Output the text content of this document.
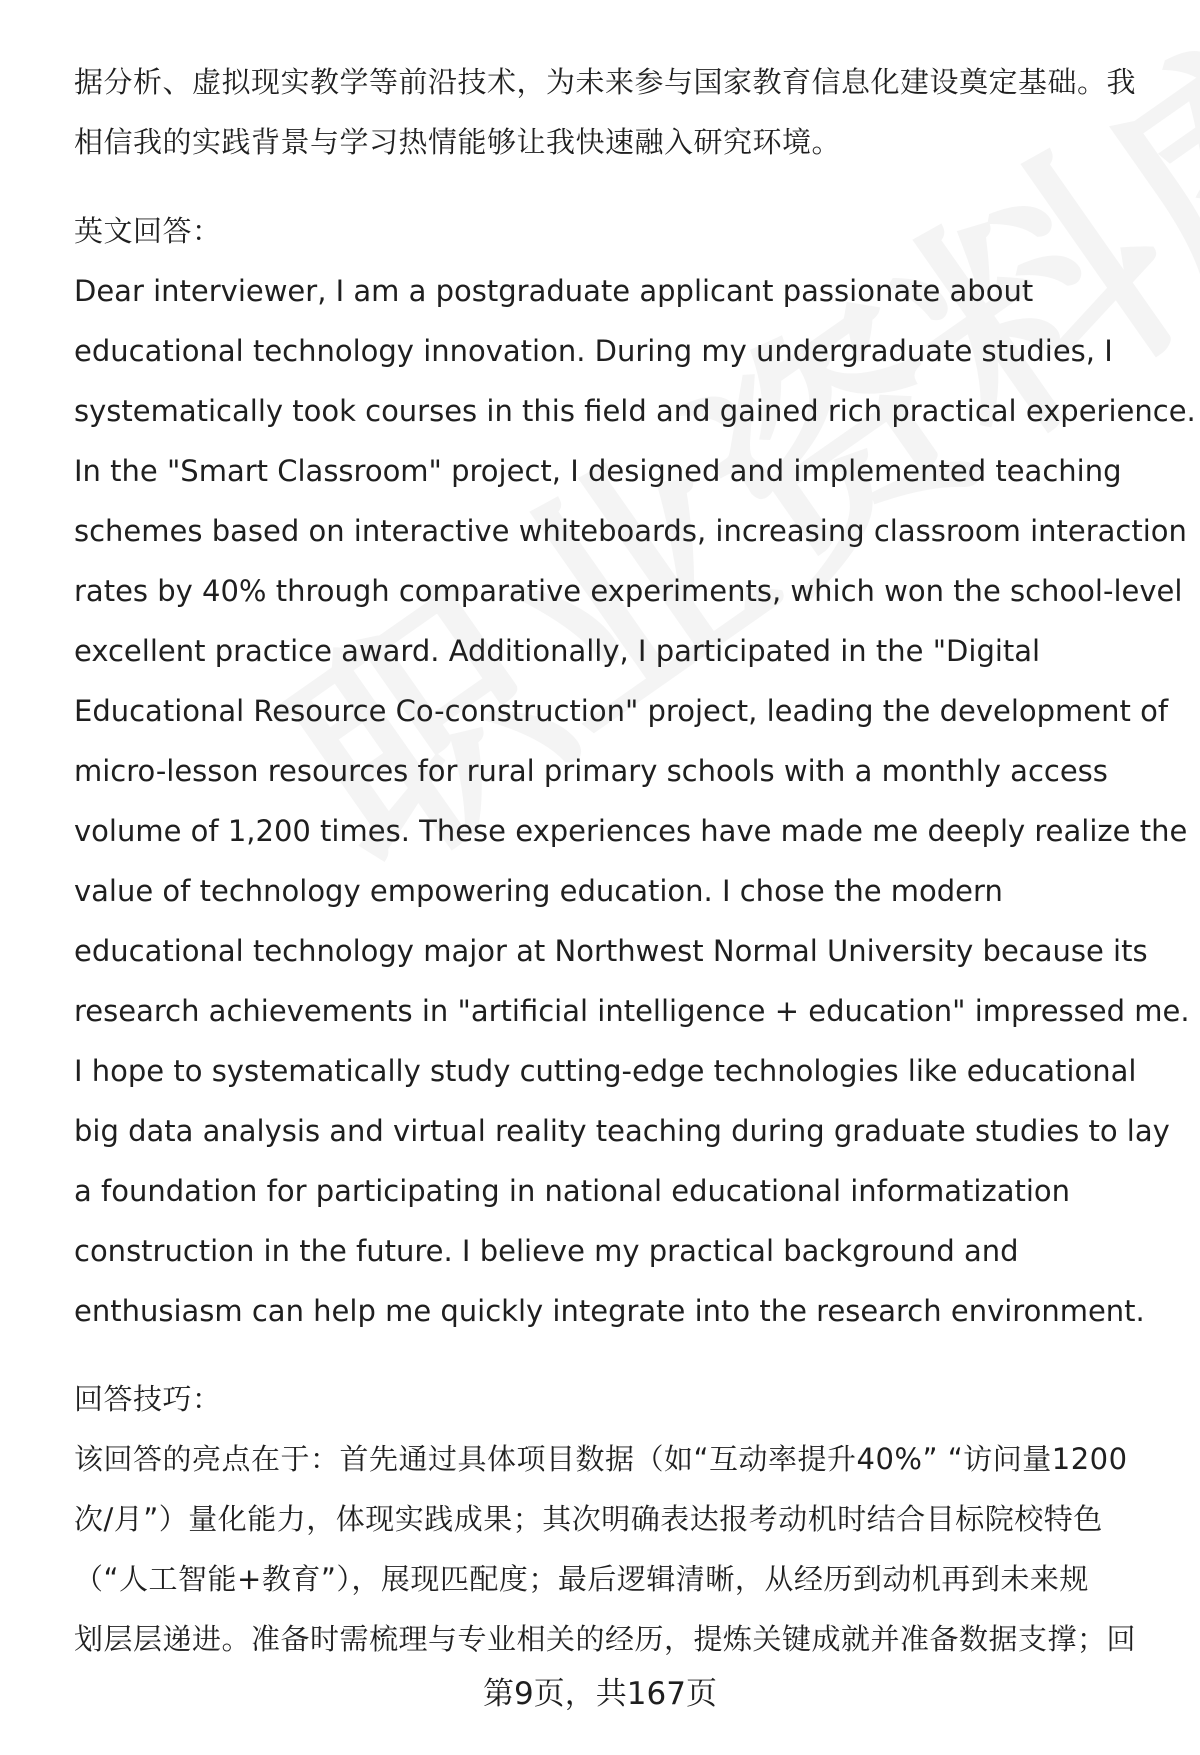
据分析、虚拟现实教学等前沿技术，为未来参与国家教育信息化建设奠定基础。我
相信我的实践背景与学习热情能够让我快速融入研究环境。
英文回答：
Dear interviewer, I am a postgraduate applicant passionate about
educational technology innovation. During my undergraduate studies, I
systematically took courses in this field and gained rich practical experience.
In the "Smart Classroom" project, I designed and implemented teaching
schemes based on interactive whiteboards, increasing classroom interaction
rates by 40% through comparative experiments, which won the school-level
excellent practice award. Additionally, I participated in the "Digital
Educational Resource Co-construction" project, leading the development of
micro-lesson resources for rural primary schools with a monthly access
volume of 1,200 times. These experiences have made me deeply realize the
value of technology empowering education. I chose the modern
educational technology major at Northwest Normal University because its
research achievements in "artificial intelligence + education" impressed me.
I hope to systematically study cutting-edge technologies like educational
big data analysis and virtual reality teaching during graduate studies to lay
a foundation for participating in national educational informatization
construction in the future. I believe my practical background and
enthusiasm can help me quickly integrate into the research environment.
回答技巧：
该回答的亮点在于：首先通过具体项目数据（如“互动率提升40%” “访问量1200
次/月”）量化能力，体现实践成果；其次明确表达报考动机时结合目标院校特色
（“人工智能+教育”），展现匹配度；最后逻辑清晰，从经历到动机再到未来规
划层层递进。准备时需梳理与专业相关的经历，提炼关键成就并准备数据支撑；回
第9页，共167页
